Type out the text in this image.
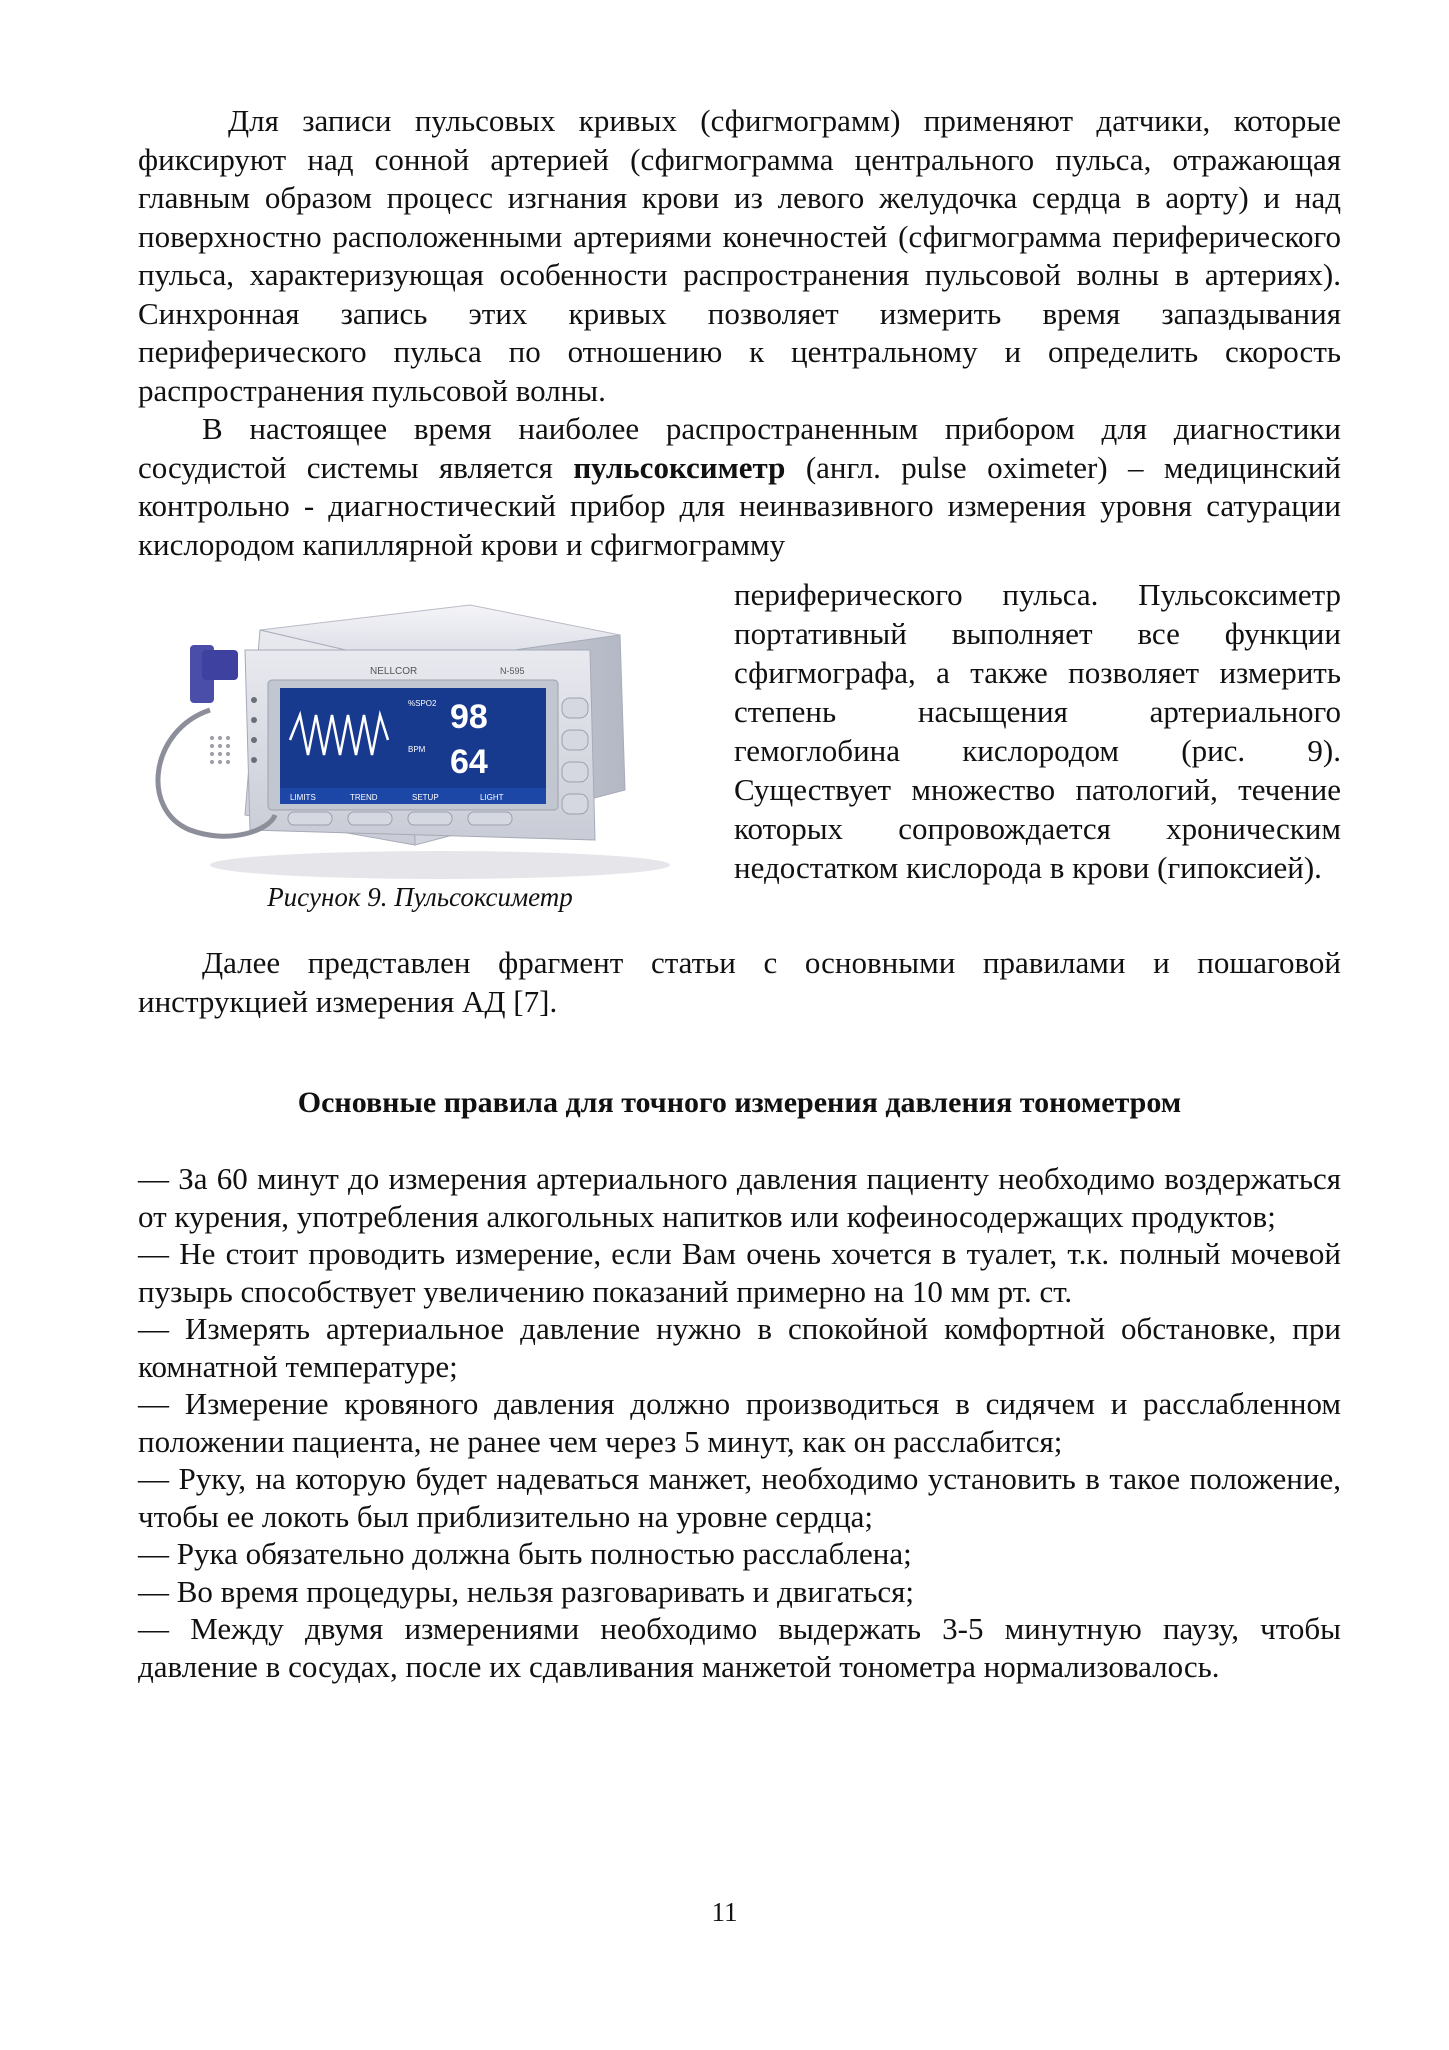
Для записи пульсовых кривых (сфигмограмм) применяют датчики, которые фиксируют над сонной артерией (сфигмограмма центрального пульса, отражающая главным образом процесс изгнания крови из левого желудочка сердца в аорту) и над поверхностно расположенными артериями конечностей (сфигмограмма периферического пульса, характеризующая особенности распространения пульсовой волны в артериях). Синхронная запись этих кривых позволяет измерить время запаздывания периферического пульса по отношению к центральному и определить скорость распространения пульсовой волны.

В настоящее время наиболее распространенным прибором для диагностики сосудистой системы является пульсоксиметр (англ. pulse oximeter) – медицинский контрольно - диагностический прибор для неинвазивного измерения уровня сатурации кислородом капиллярной крови и сфигмограмму

NELLCOR	N-595
%SPO2
BPM
98
64
LIMITS	TREND	SETUP	LIGHT
Рисунок 9. Пульсоксиметр

периферического пульса. Пульсоксиметр портативный выполняет все функции сфигмографа, а также позволяет измерить степень насыщения артериального гемоглобина кислородом (рис. 9). Существует множество патологий, течение которых сопровождается хроническим недостатком кислорода в крови (гипоксией).

Далее представлен фрагмент статьи с основными правилами и пошаговой инструкцией измерения АД [7].

Основные правила для точного измерения давления тонометром
— За 60 минут до измерения артериального давления пациенту необходимо воздержаться от курения, употребления алкогольных напитков или кофеиносодержащих продуктов;
— Не стоит проводить измерение, если Вам очень хочется в туалет, т.к. полный мочевой пузырь способствует увеличению показаний примерно на 10 мм рт. ст.
— Измерять артериальное давление нужно в спокойной комфортной обстановке, при комнатной температуре;
— Измерение кровяного давления должно производиться в сидячем и расслабленном положении пациента, не ранее чем через 5 минут, как он расслабится;
— Руку, на которую будет надеваться манжет, необходимо установить в такое положение, чтобы ее локоть был приблизительно на уровне сердца;
— Рука обязательно должна быть полностью расслаблена;
— Во время процедуры, нельзя разговаривать и двигаться;
— Между двумя измерениями необходимо выдержать 3-5 минутную паузу, чтобы давление в сосудах, после их сдавливания манжетой тонометра нормализовалось.
11
